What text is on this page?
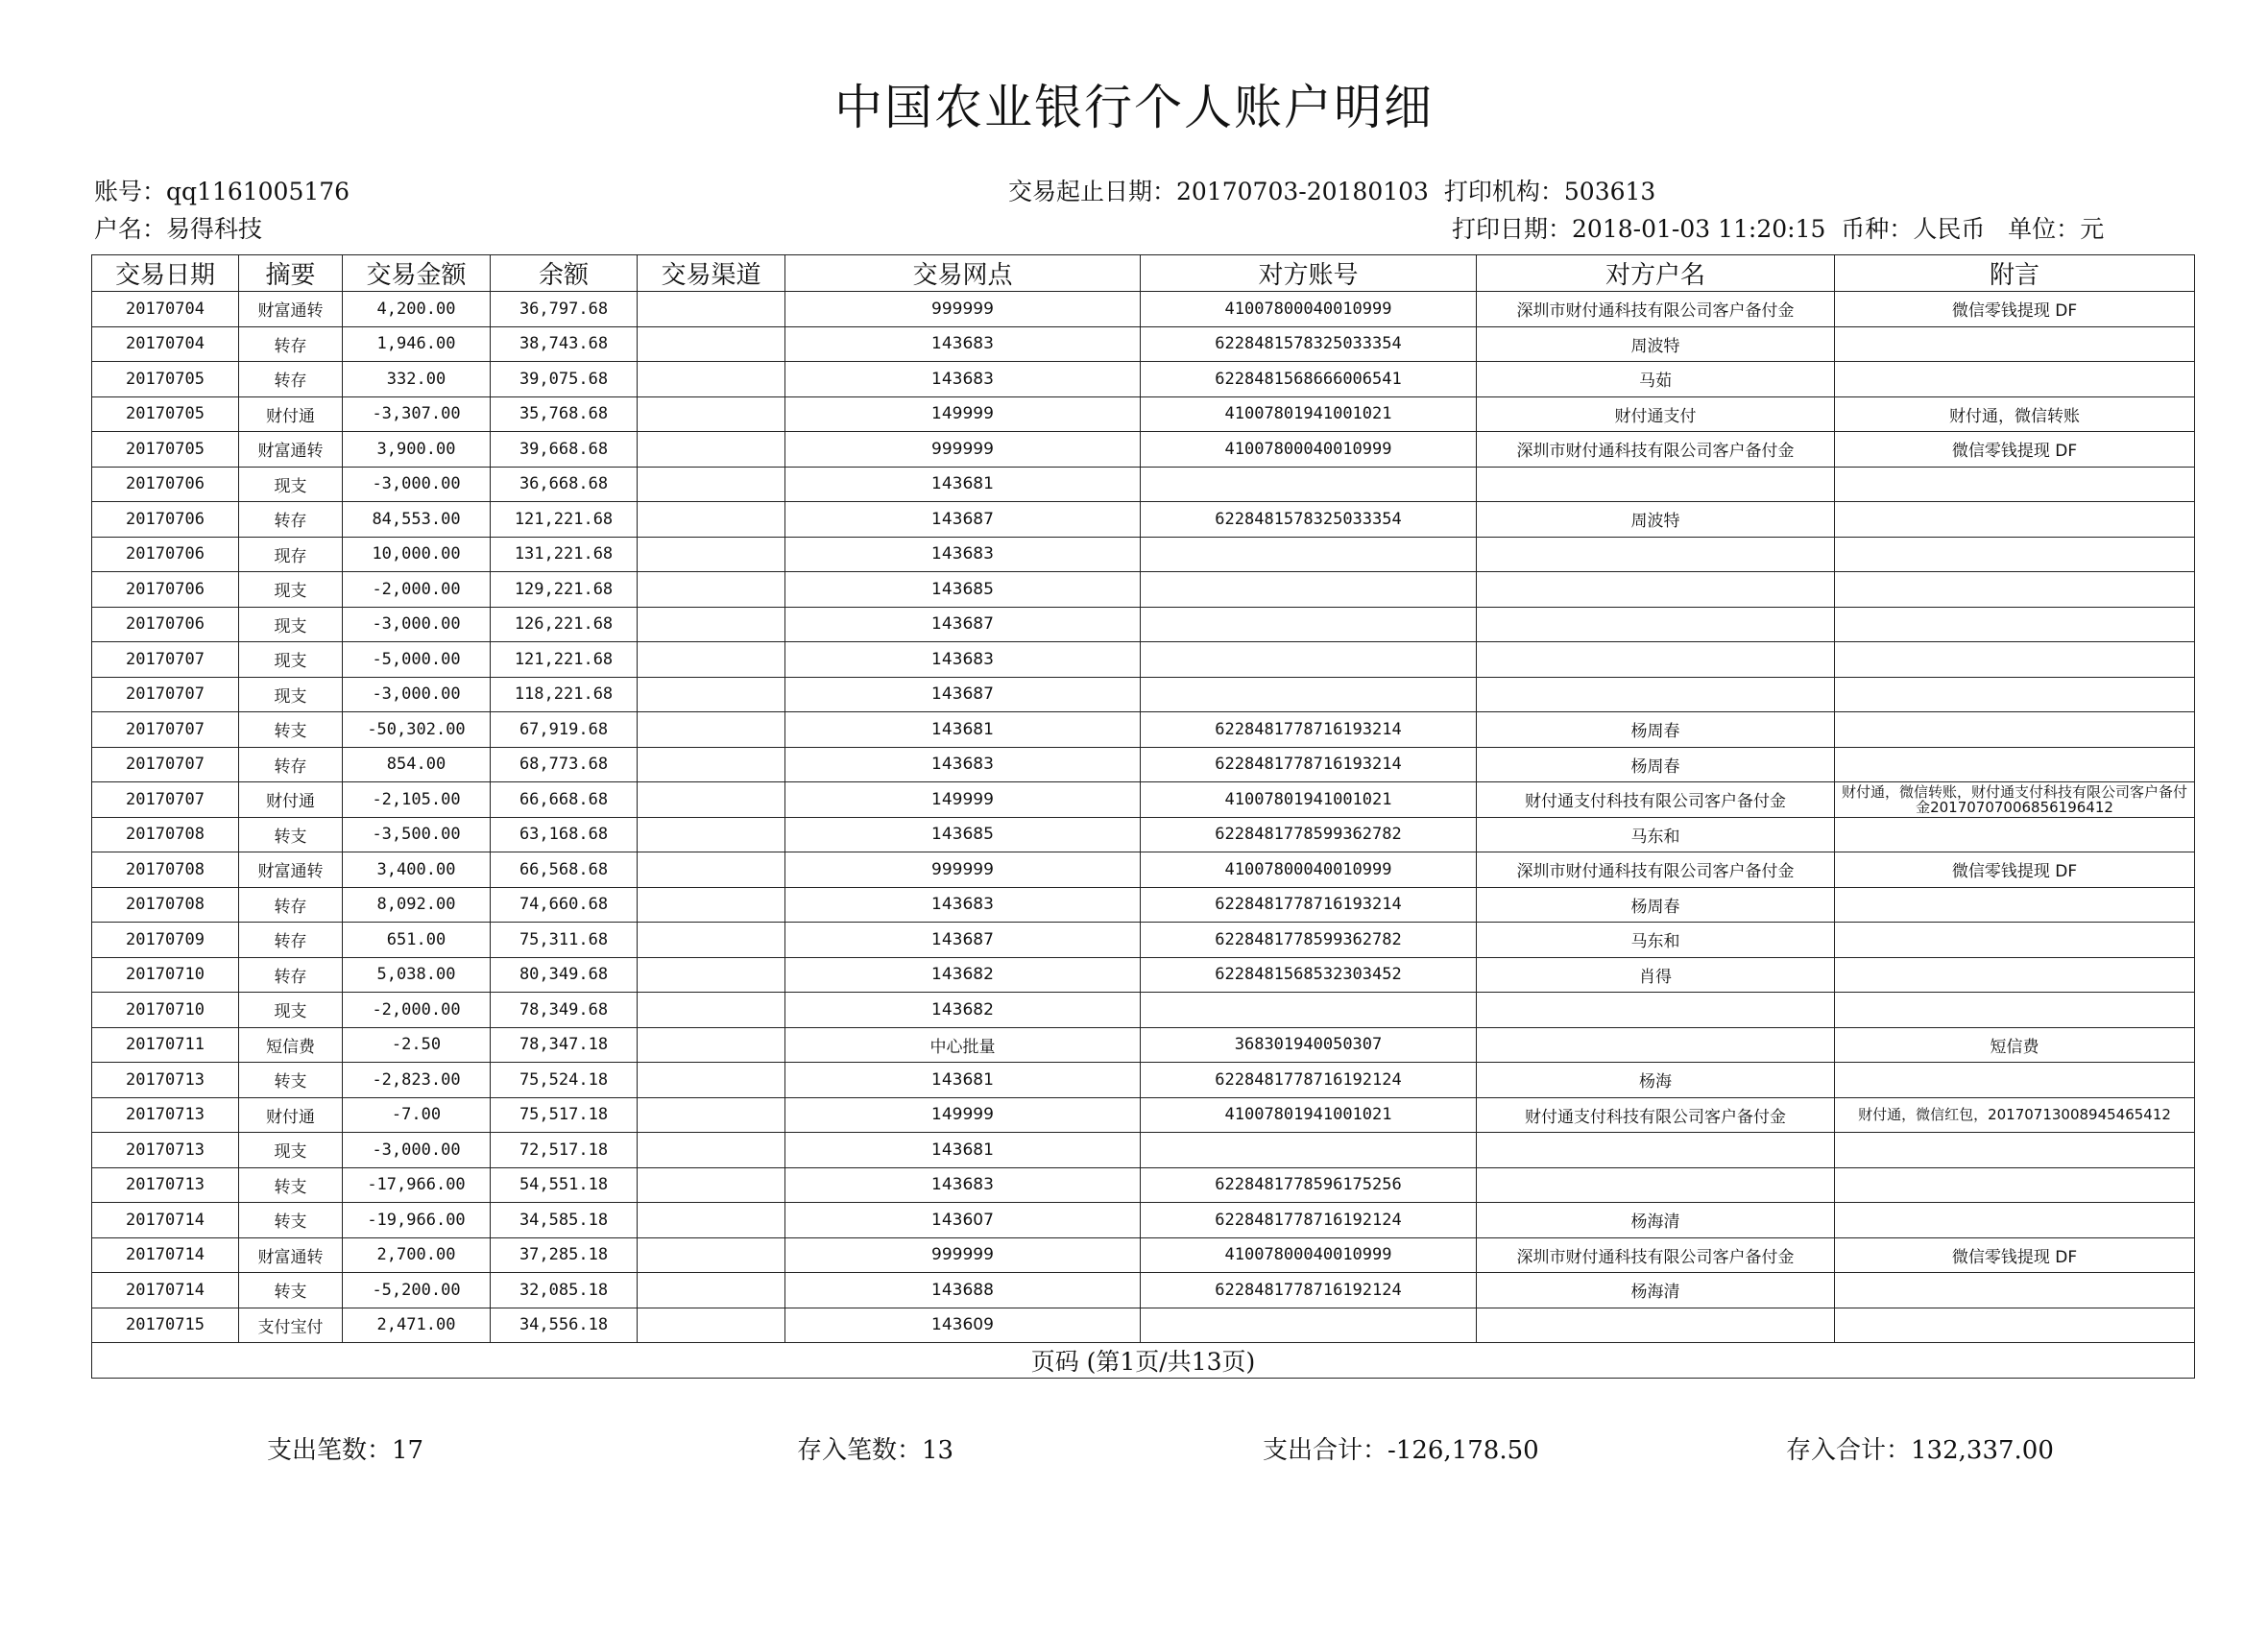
中国农业银行个人账户明细
账号：qq1161005176
户名：易得科技
交易起止日期：20170703-20180103 打印机构：503613
打印日期：2018-01-03 11:20:15 币种：人民币 单位：元
交易日期	摘要	交易金额	余额	交易渠道	交易网点	对方账号	对方户名	附言
20170704	财富通转	4,200.00	36,797.68		999999	41007800040010999	深圳市财付通科技有限公司客户备付金	微信零钱提现 DF
20170704	转存	1,946.00	38,743.68		143683	6228481578325033354	周波特	
20170705	转存	332.00	39,075.68		143683	6228481568666006541	马茹	
20170705	财付通	-3,307.00	35,768.68		149999	41007801941001021	财付通支付	财付通，微信转账
20170705	财富通转	3,900.00	39,668.68		999999	41007800040010999	深圳市财付通科技有限公司客户备付金	微信零钱提现 DF
20170706	现支	-3,000.00	36,668.68		143681			
20170706	转存	84,553.00	121,221.68		143687	6228481578325033354	周波特	
20170706	现存	10,000.00	131,221.68		143683			
20170706	现支	-2,000.00	129,221.68		143685			
20170706	现支	-3,000.00	126,221.68		143687			
20170707	现支	-5,000.00	121,221.68		143683			
20170707	现支	-3,000.00	118,221.68		143687			
20170707	转支	-50,302.00	67,919.68		143681	6228481778716193214	杨周春	
20170707	转存	854.00	68,773.68		143683	6228481778716193214	杨周春	
20170707	财付通	-2,105.00	66,668.68		149999	41007801941001021	财付通支付科技有限公司客户备付金	财付通，微信转账，财付通支付科技有限公司客户备付金2017070700685​6196412
20170708	转支	-3,500.00	63,168.68		143685	6228481778599362782	马东和	
20170708	财富通转	3,400.00	66,568.68		999999	41007800040010999	深圳市财付通科技有限公司客户备付金	微信零钱提现 DF
20170708	转存	8,092.00	74,660.68		143683	6228481778716193214	杨周春	
20170709	转存	651.00	75,311.68		143687	6228481778599362782	马东和	
20170710	转存	5,038.00	80,349.68		143682	6228481568532303452	肖得	
20170710	现支	-2,000.00	78,349.68		143682			
20170711	短信费	-2.50	78,347.18		中心批量	368301940050307		短信费
20170713	转支	-2,823.00	75,524.18		143681	6228481778716192124	杨海	
20170713	财付通	-7.00	75,517.18		149999	41007801941001021	财付通支付科技有限公司客户备付金	财付通，微信红包，2017071300894546541​2
20170713	现支	-3,000.00	72,517.18		143681			
20170713	转支	-17,966.00	54,551.18		143683	6228481778596175256		
20170714	转支	-19,966.00	34,585.18		143607	6228481778716192124	杨海清	
20170714	财富通转	2,700.00	37,285.18		999999	41007800040010999	深圳市财付通科技有限公司客户备付金	微信零钱提现 DF
20170714	转支	-5,200.00	32,085.18		143688	6228481778716192124	杨海清	
20170715	支付宝付	2,471.00	34,556.18		143609			
页码 (第1页/共13页)								
支出笔数：17	存入笔数：13	支出合计：-126,178.50	存入合计：132,337.00
